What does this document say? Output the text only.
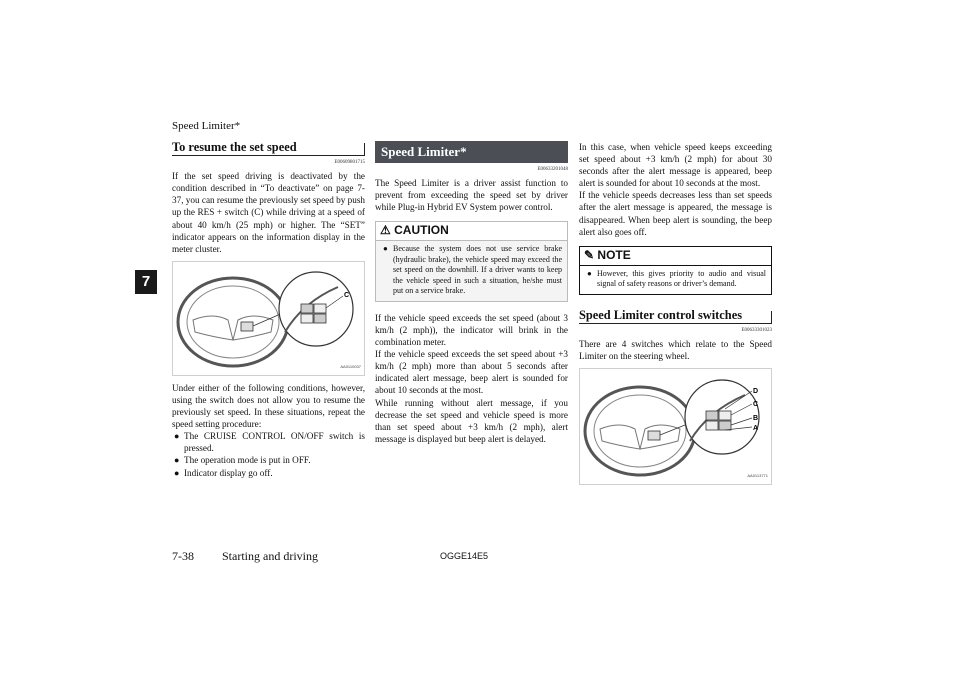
Speed Limiter*
7
To resume the set speed
E00609801715

If the set speed driving is deactivated by the condition described in “To deactivate” on page 7-37, you can resume the previously set speed by push up the RES + switch (C) while driving at a speed of about 40 km/h (25 mph) or higher. The “SET” indicator appears on the information display in the meter cluster.

C
AA0110037

Under either of the following conditions, however, using the switch does not allow you to resume the previously set speed. In these situations, repeat the speed setting procedure:

● The CRUISE CONTROL ON/OFF switch is pressed.
● The operation mode is put in OFF.
● Indicator display go off.
Speed Limiter*
E00633201048

The Speed Limiter is a driver assist function to prevent from exceeding the speed set by driver while Plug-in Hybrid EV System power control.

⚠ CAUTION
● Because the system does not use service brake (hydraulic brake), the vehicle speed may exceed the set speed on the downhill. If a driver wants to keep the vehicle speed in such a situation, he/she must put on a service brake.

If the vehicle speed exceeds the set speed (about 3 km/h (2 mph)), the indicator will brink in the combination meter.

If the vehicle speed exceeds the set speed about +3 km/h (2 mph) more than about 5 seconds after indicated alert message, beep alert is sounded for about 10 seconds at the most.

While running without alert message, if you decrease the set speed and vehicle speed is more than set speed about +3 km/h (2 mph), alert message is displayed but beep alert is delayed.

In this case, when vehicle speed keeps exceeding set speed about +3 km/h (2 mph) for about 30 seconds after the alert message is appeared, beep alert is sounded for about 10 seconds at the most.

If the vehicle speeds decreases less than set speeds after the alert message is appeared, the message is disappeared. When beep alert is sounding, the beep alert also goes off.

✎ NOTE
● However, this gives priority to audio and visual signal of safety reasons or driver’s demand.
Speed Limiter control switches
E00633301023

There are 4 switches which relate to the Speed Limiter on the steering wheel.

D
C
B
A
AA0113771
7-38 Starting and driving	OGGE14E5
